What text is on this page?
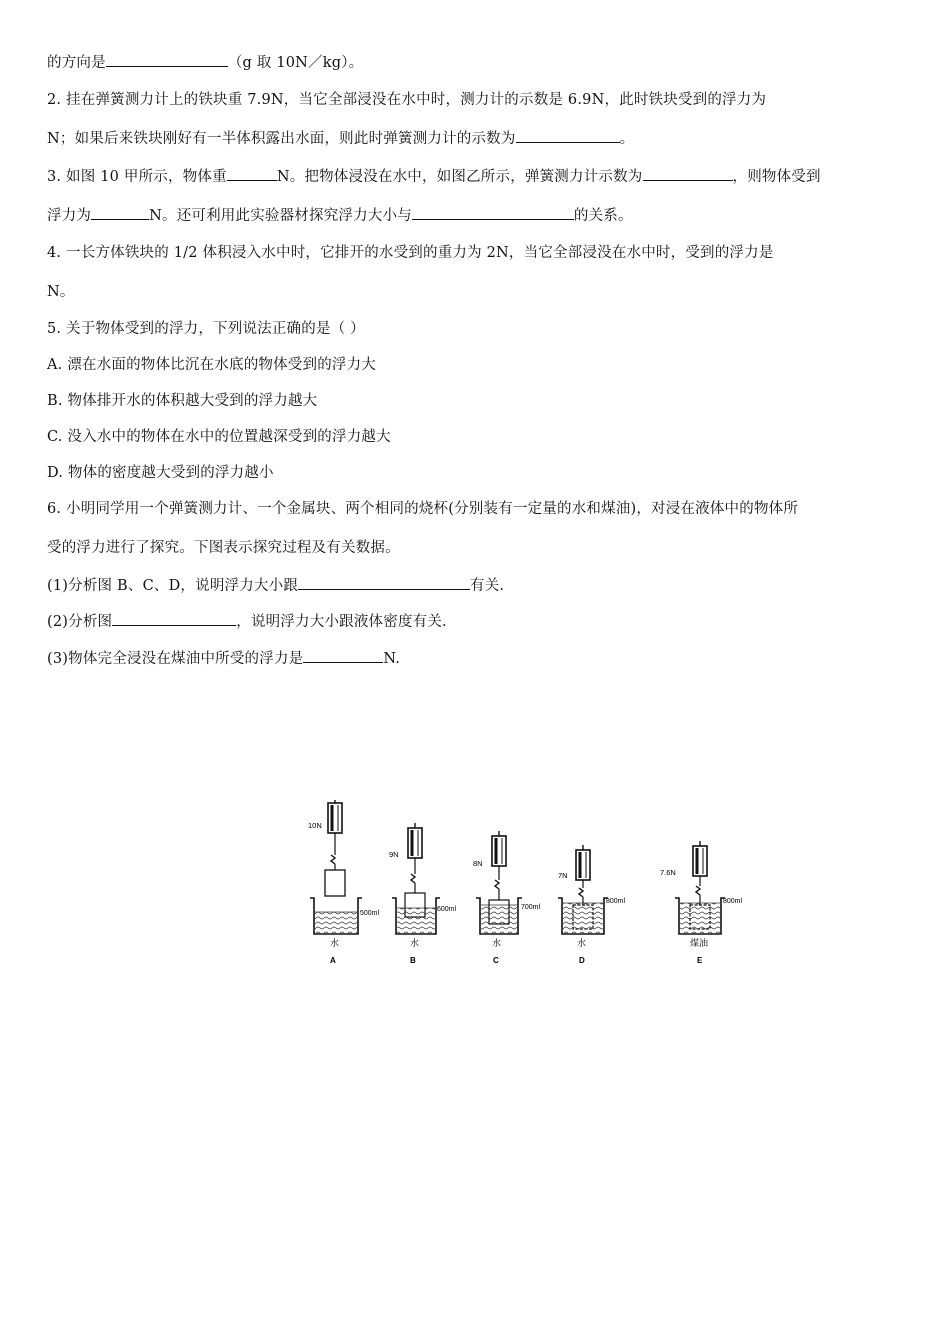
的方向是	（g 取 10N／kg）。
2. 挂在弹簧测力计上的铁块重 7.9N，当它全部浸没在水中时，测力计的示数是 6.9N，此时铁块受到的浮力为
N；如果后来铁块刚好有一半体积露出水面，则此时弹簧测力计的示数为	。
3. 如图 10 甲所示，物体重	N。把物体浸没在水中，如图乙所示，弹簧测力计示数为	，则物体受到
浮力为	N。还可利用此实验器材探究浮力大小与	的关系。
4. 一长方体铁块的 1/2 体积浸入水中时，它排开的水受到的重力为 2N，当它全部浸没在水中时，受到的浮力是
N。
5. 关于物体受到的浮力，下列说法正确的是（ ）
A. 漂在水面的物体比沉在水底的物体受到的浮力大
B. 物体排开水的体积越大受到的浮力越大
C. 没入水中的物体在水中的位置越深受到的浮力越大
D. 物体的密度越大受到的浮力越小
6. 小明同学用一个弹簧测力计、一个金属块、两个相同的烧杯(分别装有一定量的水和煤油)，对浸在液体中的物体所
受的浮力进行了探究。下图表示探究过程及有关数据。
(1)分析图 B、C、D，说明浮力大小跟	有关.
(2)分析图	，说明浮力大小跟液体密度有关.
(3)物体完全浸没在煤油中所受的浮力是	N.
10N
500ml
水
A
9N
600ml
水
B
8N
700ml
水
C
7N
800ml
水
D
7.6N
800ml
煤油
E
